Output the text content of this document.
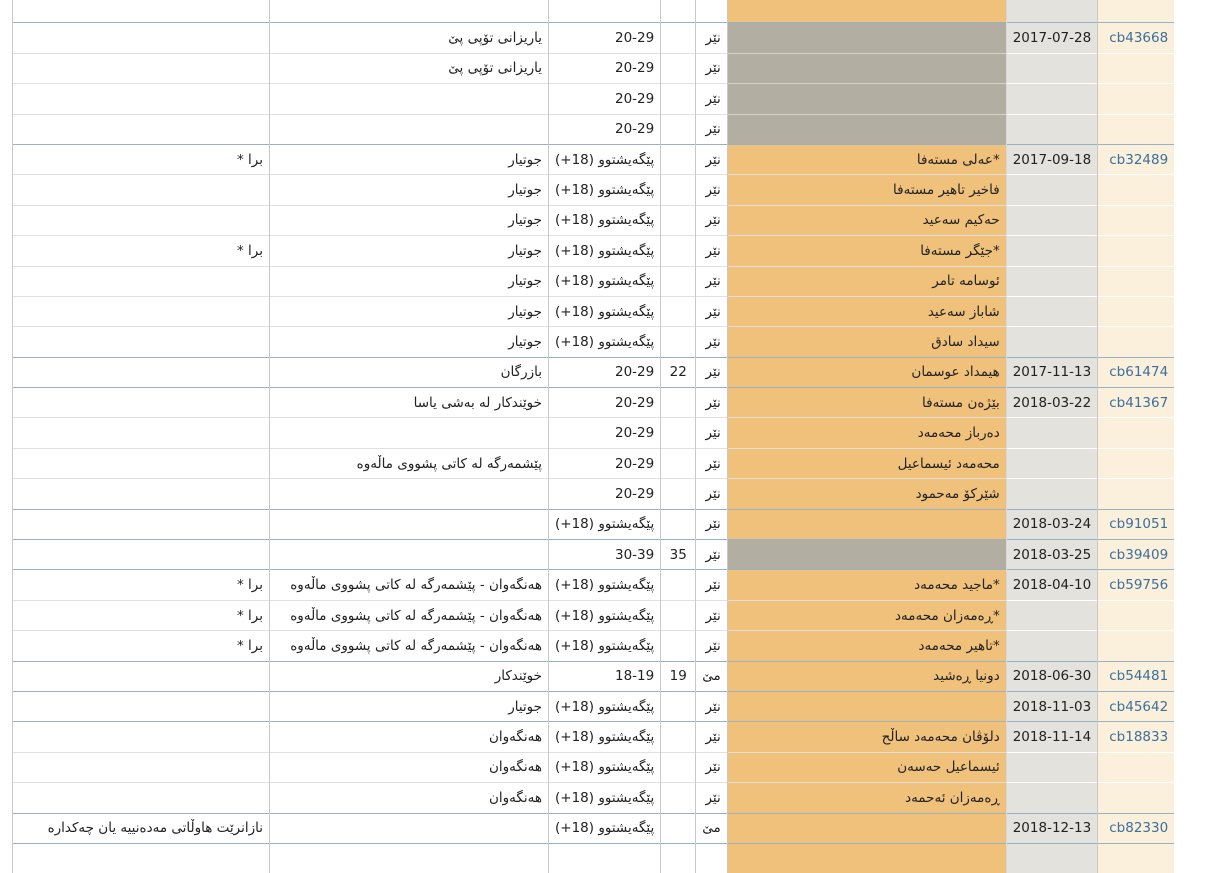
	یاریزانی تۆپی پێ	20-29		نێر		2017-07-28	cb43668
	یاریزانی تۆپی پێ	20-29		نێر			
		20-29		نێر			
		20-29		نێر			
* برا	جوتیار	پێگەیشتوو (18+)		نێر	عەلی مستەفا*	2017-09-18	cb32489
	جوتیار	پێگەیشتوو (18+)		نێر	فاخیر تاهیر مستەفا		
	جوتیار	پێگەیشتوو (18+)		نێر	حەکیم سەعید		
* برا	جوتیار	پێگەیشتوو (18+)		نێر	جێگر مستەفا*		
	جوتیار	پێگەیشتوو (18+)		نێر	ئوسامە تامر		
	جوتیار	پێگەیشتوو (18+)		نێر	شاباز سەعید		
	جوتیار	پێگەیشتوو (18+)		نێر	سیداد سادق		
	بازرگان	20-29	22	نێر	هیمداد عوسمان	2017-11-13	cb61474
	خوێندکار لە بەشی یاسا	20-29		نێر	بێژەن مستەفا	2018-03-22	cb41367
		20-29		نێر	دەرباز محەمەد		
	پێشمەرگە لە کاتی پشووی ماڵەوە	20-29		نێر	محەمەد ئیسماعیل		
		20-29		نێر	شێرکۆ مەحمود		
		پێگەیشتوو (18+)		نێر		2018-03-24	cb91051
		30-39	35	نێر		2018-03-25	cb39409
* برا	هەنگەوان - پێشمەرگە لە کاتی پشووی ماڵەوە	پێگەیشتوو (18+)		نێر	ماجید محەمەد*	2018-04-10	cb59756
* برا	هەنگەوان - پێشمەرگە لە کاتی پشووی ماڵەوە	پێگەیشتوو (18+)		نێر	ڕەمەزان محەمەد*		
* برا	هەنگەوان - پێشمەرگە لە کاتی پشووی ماڵەوە	پێگەیشتوو (18+)		نێر	تاهیر محەمەد*		
	خوێندکار	18-19	19	مێ	دونیا ڕەشید	2018-06-30	cb54481
	جوتیار	پێگەیشتوو (18+)		نێر		2018-11-03	cb45642
	هەنگەوان	پێگەیشتوو (18+)		نێر	دلۆڤان محەمەد ساڵح	2018-11-14	cb18833
	هەنگەوان	پێگەیشتوو (18+)		نێر	ئیسماعیل حەسەن		
	هەنگەوان	پێگەیشتوو (18+)		نێر	ڕەمەزان ئەحمەد		
نازانرێت هاوڵاتی مەدەنییە یان چەکدارە		پێگەیشتوو (18+)		مێ		2018-12-13	cb82330
